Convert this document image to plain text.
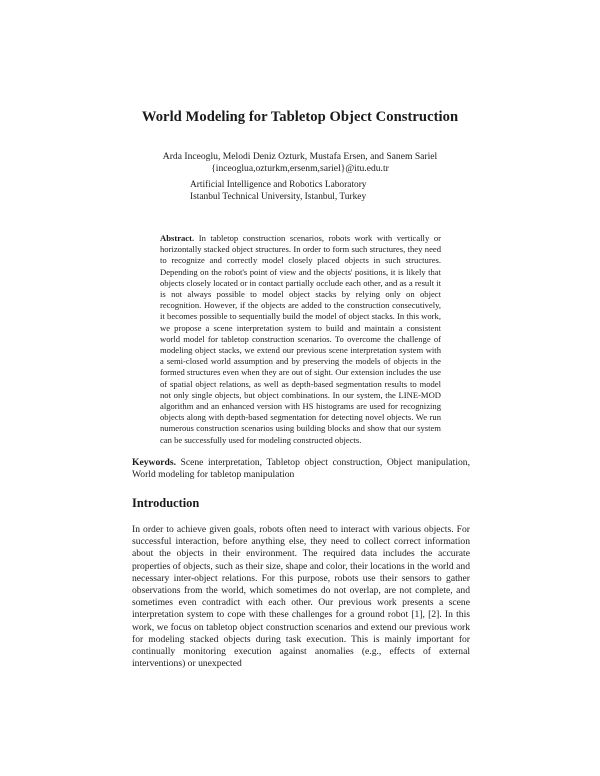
World Modeling for Tabletop Object Construction
Arda Inceoglu, Melodi Deniz Ozturk, Mustafa Ersen, and Sanem Sariel
{inceoglua,ozturkm,ersenm,sariel}@itu.edu.tr
Artificial Intelligence and Robotics Laboratory
Istanbul Technical University, Istanbul, Turkey
Abstract. In tabletop construction scenarios, robots work with vertically or horizontally stacked object structures. In order to form such structures, they need to recognize and correctly model closely placed objects in such structures. Depending on the robot's point of view and the objects' positions, it is likely that objects closely located or in contact partially occlude each other, and as a result it is not always possible to model object stacks by relying only on object recognition. However, if the objects are added to the construction consecutively, it becomes possible to sequentially build the model of object stacks. In this work, we propose a scene interpretation system to build and maintain a consistent world model for tabletop construction scenarios. To overcome the challenge of modeling object stacks, we extend our previous scene interpretation system with a semi-closed world assumption and by preserving the models of objects in the formed structures even when they are out of sight. Our extension includes the use of spatial object relations, as well as depth-based segmentation results to model not only single objects, but object combinations. In our system, the LINE-MOD algorithm and an enhanced version with HS histograms are used for recognizing objects along with depth-based segmentation for detecting novel objects. We run numerous construction scenarios using building blocks and show that our system can be successfully used for modeling constructed objects.
Keywords. Scene interpretation, Tabletop object construction, Object manipulation, World modeling for tabletop manipulation
Introduction
In order to achieve given goals, robots often need to interact with various objects. For successful interaction, before anything else, they need to collect correct information about the objects in their environment. The required data includes the accurate properties of objects, such as their size, shape and color, their locations in the world and necessary inter-object relations. For this purpose, robots use their sensors to gather observations from the world, which sometimes do not overlap, are not complete, and sometimes even contradict with each other. Our previous work presents a scene interpretation system to cope with these challenges for a ground robot [1], [2]. In this work, we focus on tabletop object construction scenarios and extend our previous work for modeling stacked objects during task execution. This is mainly important for continually monitoring execution against anomalies (e.g., effects of external interventions) or unexpected
